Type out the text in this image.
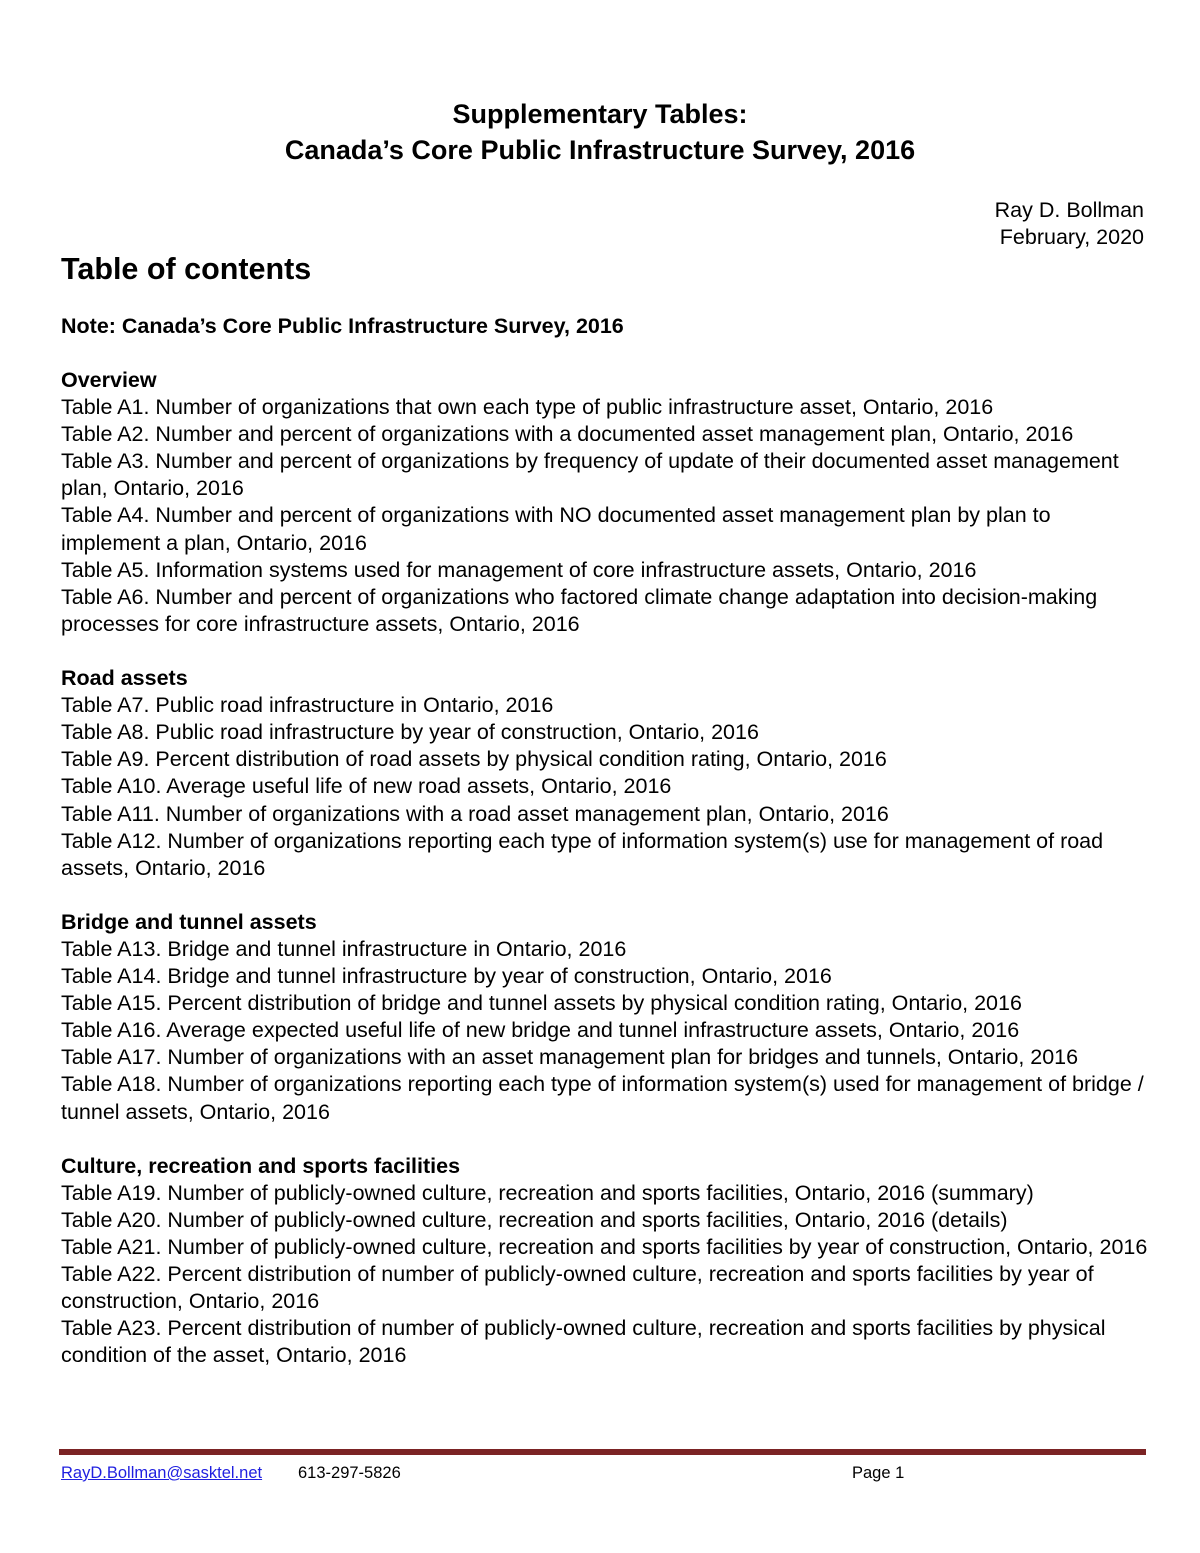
Supplementary Tables:
Canada’s Core Public Infrastructure Survey, 2016
Ray D. Bollman
February, 2020
Table of contents
Note: Canada’s Core Public Infrastructure Survey, 2016
Overview
Table A1. Number of organizations that own each type of public infrastructure asset, Ontario, 2016
Table A2. Number and percent of organizations with a documented asset management plan, Ontario, 2016
Table A3. Number and percent of organizations by frequency of update of their documented asset management plan, Ontario, 2016
Table A4. Number and percent of organizations with NO documented asset management plan by plan to implement a plan, Ontario, 2016
Table A5. Information systems used for management of core infrastructure assets, Ontario, 2016
Table A6. Number and percent of organizations who factored climate change adaptation into decision-making processes for core infrastructure assets, Ontario, 2016
Road assets
Table A7. Public road infrastructure in Ontario, 2016
Table A8. Public road infrastructure by year of construction, Ontario, 2016
Table A9. Percent distribution of road assets by physical condition rating, Ontario, 2016
Table A10. Average useful life of new road assets, Ontario, 2016
Table A11. Number of organizations with a road asset management plan, Ontario, 2016
Table A12. Number of organizations reporting each type of information system(s) use for management of road assets, Ontario, 2016
Bridge and tunnel assets
Table A13. Bridge and tunnel infrastructure in Ontario, 2016
Table A14. Bridge and tunnel infrastructure by year of construction, Ontario, 2016
Table A15. Percent distribution of bridge and tunnel assets by physical condition rating, Ontario, 2016
Table A16. Average expected useful life of new bridge and tunnel infrastructure assets, Ontario, 2016
Table A17. Number of organizations with an asset management plan for bridges and tunnels, Ontario, 2016
Table A18. Number of organizations reporting each type of information system(s) used for management of bridge / tunnel assets, Ontario, 2016
Culture, recreation and sports facilities
Table A19. Number of publicly-owned culture, recreation and sports facilities, Ontario, 2016 (summary)
Table A20. Number of publicly-owned culture, recreation and sports facilities, Ontario, 2016 (details)
Table A21. Number of publicly-owned culture, recreation and sports facilities by year of construction, Ontario, 2016
Table A22. Percent distribution of number of publicly-owned culture, recreation and sports facilities by year of construction, Ontario, 2016
Table A23. Percent distribution of number of publicly-owned culture, recreation and sports facilities by physical condition of the asset, Ontario, 2016
RayD.Bollman@sasktel.net 613-297-5826	Page 1
